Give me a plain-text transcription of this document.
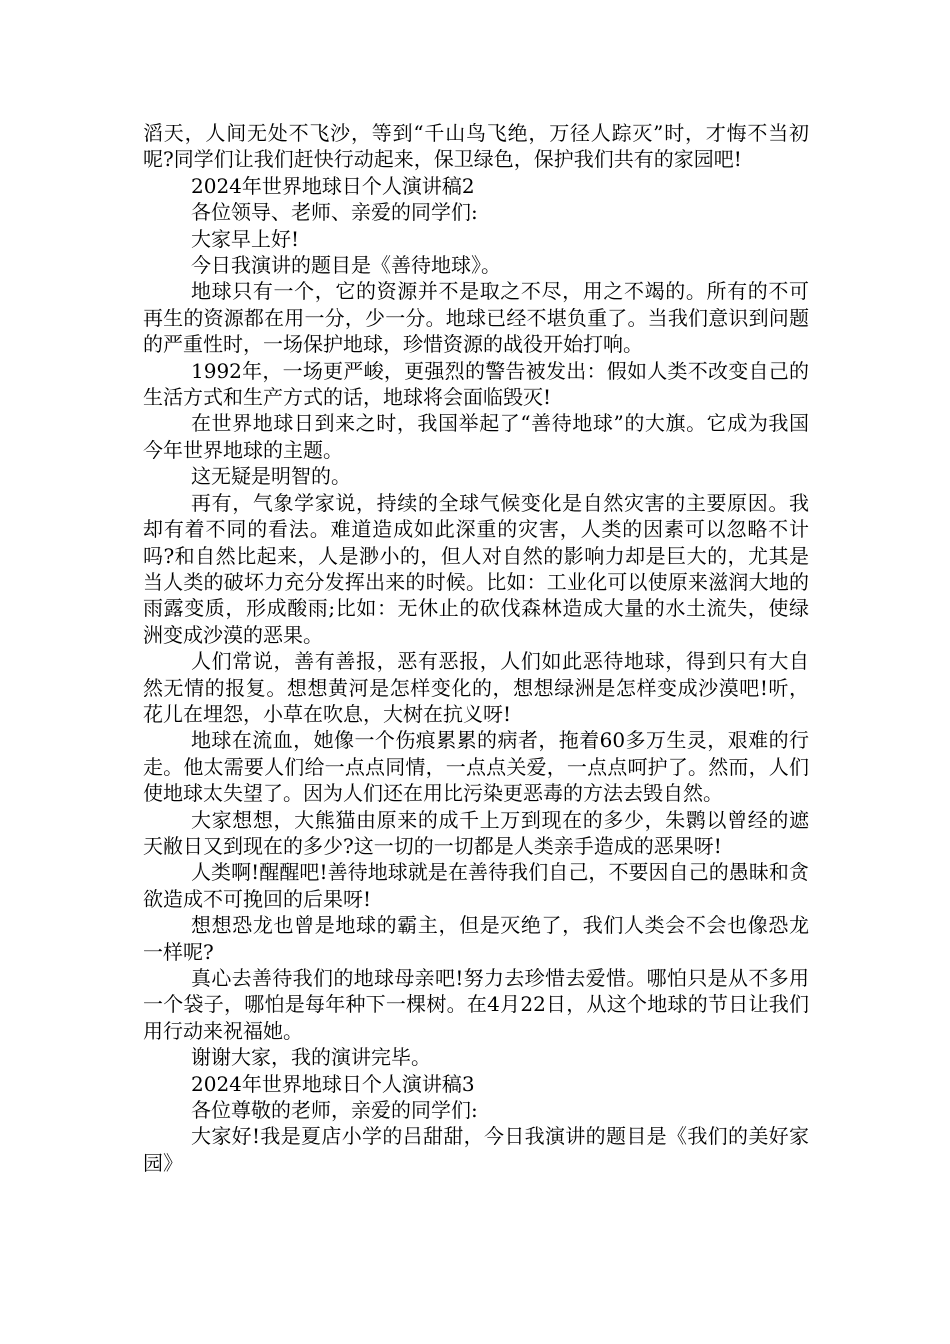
滔天，人间无处不飞沙，等到“千山鸟飞绝，万径人踪灭”时，才悔不当初呢?同学们让我们赶快行动起来，保卫绿色，保护我们共有的家园吧!

2024年世界地球日个人演讲稿2

各位领导、老师、亲爱的同学们:

大家早上好!

今日我演讲的题目是《善待地球》。

地球只有一个，它的资源并不是取之不尽，用之不竭的。所有的不可再生的资源都在用一分，少一分。地球已经不堪负重了。当我们意识到问题的严重性时，一场保护地球，珍惜资源的战役开始打响。

1992年，一场更严峻，更强烈的警告被发出：假如人类不改变自己的生活方式和生产方式的话，地球将会面临毁灭!

在世界地球日到来之时，我国举起了“善待地球”的大旗。它成为我国今年世界地球的主题。

这无疑是明智的。

再有，气象学家说，持续的全球气候变化是自然灾害的主要原因。我却有着不同的看法。难道造成如此深重的灾害，人类的因素可以忽略不计吗?和自然比起来，人是渺小的，但人对自然的影响力却是巨大的，尤其是当人类的破坏力充分发挥出来的时候。比如：工业化可以使原来滋润大地的雨露变质，形成酸雨;比如：无休止的砍伐森林造成大量的水土流失，使绿洲变成沙漠的恶果。

人们常说，善有善报，恶有恶报，人们如此恶待地球，得到只有大自然无情的报复。想想黄河是怎样变化的，想想绿洲是怎样变成沙漠吧!听，花儿在埋怨，小草在吹息，大树在抗义呀!

地球在流血，她像一个伤痕累累的病者，拖着60多万生灵，艰难的行走。他太需要人们给一点点同情，一点点关爱，一点点呵护了。然而，人们使地球太失望了。因为人们还在用比污染更恶毒的方法去毁自然。

大家想想，大熊猫由原来的成千上万到现在的多少，朱鹮以曾经的遮天敝日又到现在的多少?这一切的一切都是人类亲手造成的恶果呀!

人类啊!醒醒吧!善待地球就是在善待我们自己，不要因自己的愚昧和贪欲造成不可挽回的后果呀!

想想恐龙也曾是地球的霸主，但是灭绝了，我们人类会不会也像恐龙一样呢?

真心去善待我们的地球母亲吧!努力去珍惜去爱惜。哪怕只是从不多用一个袋子，哪怕是每年种下一棵树。在4月22日，从这个地球的节日让我们用行动来祝福她。

谢谢大家，我的演讲完毕。

2024年世界地球日个人演讲稿3

各位尊敬的老师，亲爱的同学们:

大家好!我是夏店小学的吕甜甜，今日我演讲的题目是《我们的美好家园》
